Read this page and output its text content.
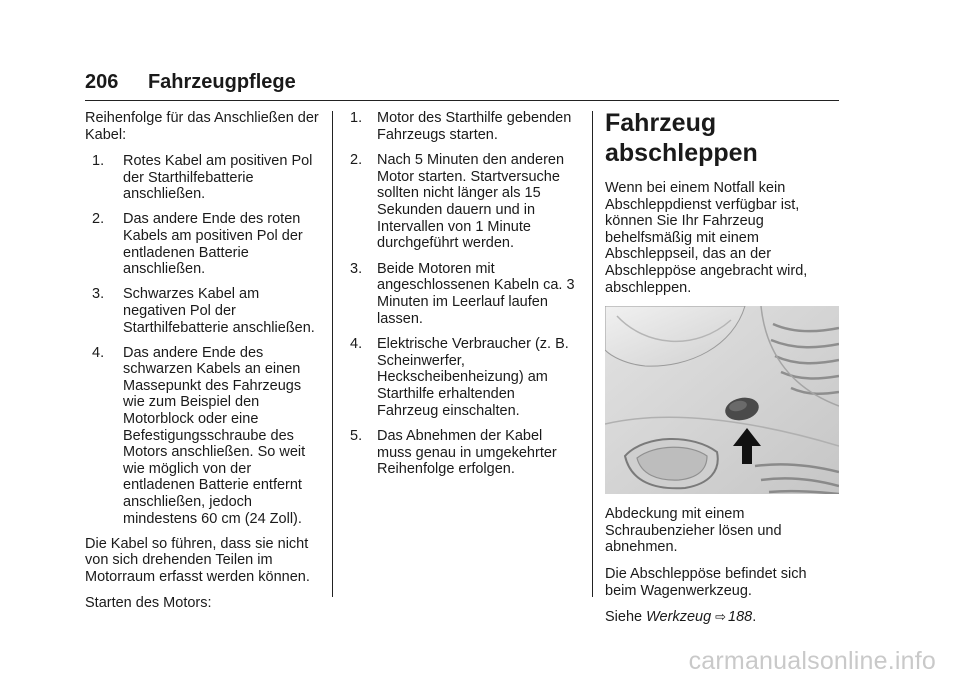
206 Fahrzeugpflege

Reihenfolge für das Anschließen der Kabel:

1. Rotes Kabel am positiven Pol der Starthilfebatterie anschließen.
2. Das andere Ende des roten Kabels am positiven Pol der entladenen Batterie anschließen.
3. Schwarzes Kabel am negativen Pol der Starthilfebatterie anschließen.
4. Das andere Ende des schwarzen Kabels an einen Massepunkt des Fahrzeugs wie zum Beispiel den Motorblock oder eine Befestigungsschraube des Motors anschließen. So weit wie möglich von der entladenen Batterie entfernt anschließen, jedoch mindestens 60 cm (24 Zoll).

Die Kabel so führen, dass sie nicht von sich drehenden Teilen im Motorraum erfasst werden können.

Starten des Motors:

1. Motor des Starthilfe gebenden Fahrzeugs starten.
2. Nach 5 Minuten den anderen Motor starten. Startversuche sollten nicht länger als 15 Sekunden dauern und in Intervallen von 1 Minute durchgeführt werden.
3. Beide Motoren mit angeschlossenen Kabeln ca. 3 Minuten im Leerlauf laufen lassen.
4. Elektrische Verbraucher (z. B. Scheinwerfer, Heckscheibenheizung) am Starthilfe erhaltenden Fahrzeug einschalten.
5. Das Abnehmen der Kabel muss genau in umgekehrter Reihenfolge erfolgen.
Fahrzeug abschleppen

Wenn bei einem Notfall kein Abschleppdienst verfügbar ist, können Sie Ihr Fahrzeug behelfsmäßig mit einem Abschleppseil, das an der Abschleppöse angebracht wird, abschleppen.

Abdeckung mit einem Schraubenzieher lösen und abnehmen.

Die Abschleppöse befindet sich beim Wagenwerkzeug.

Siehe Werkzeug ⇨ 188.

carmanualsonline.info
